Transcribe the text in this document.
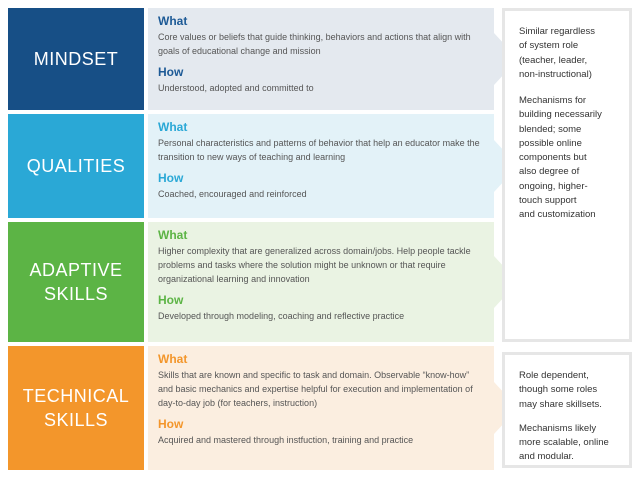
MINDSET
What
Core values or beliefs that guide thinking, behaviors and actions that align with goals of educational change and mission
How
Understood, adopted and committed to
QUALITIES
What
Personal characteristics and patterns of behavior that help an educator make the transition to new ways of teaching and learning
How
Coached, encouraged and reinforced
ADAPTIVE
SKILLS
What
Higher complexity that are generalized across domain/jobs. Help people tackle problems and tasks where the solution might be unknown or that require organizational learning and innovation
How
Developed through modeling, coaching and reflective practice
TECHNICAL
SKILLS
What
Skills that are known and specific to task and domain. Observable “know-how” and basic mechanics and expertise helpful for execution and implementation of day-to-day job (for teachers, instruction)
How
Acquired and mastered through instfuction, training and practice

Similar regardless
of system role
(teacher, leader,
non-instructional)

Mechanisms for
building necessarily
blended; some
possible online
components but
also degree of
ongoing, higher-
touch support
and customization

Role dependent,
though some roles
may share skillsets.

Mechanisms likely
more scalable, online
and modular.
